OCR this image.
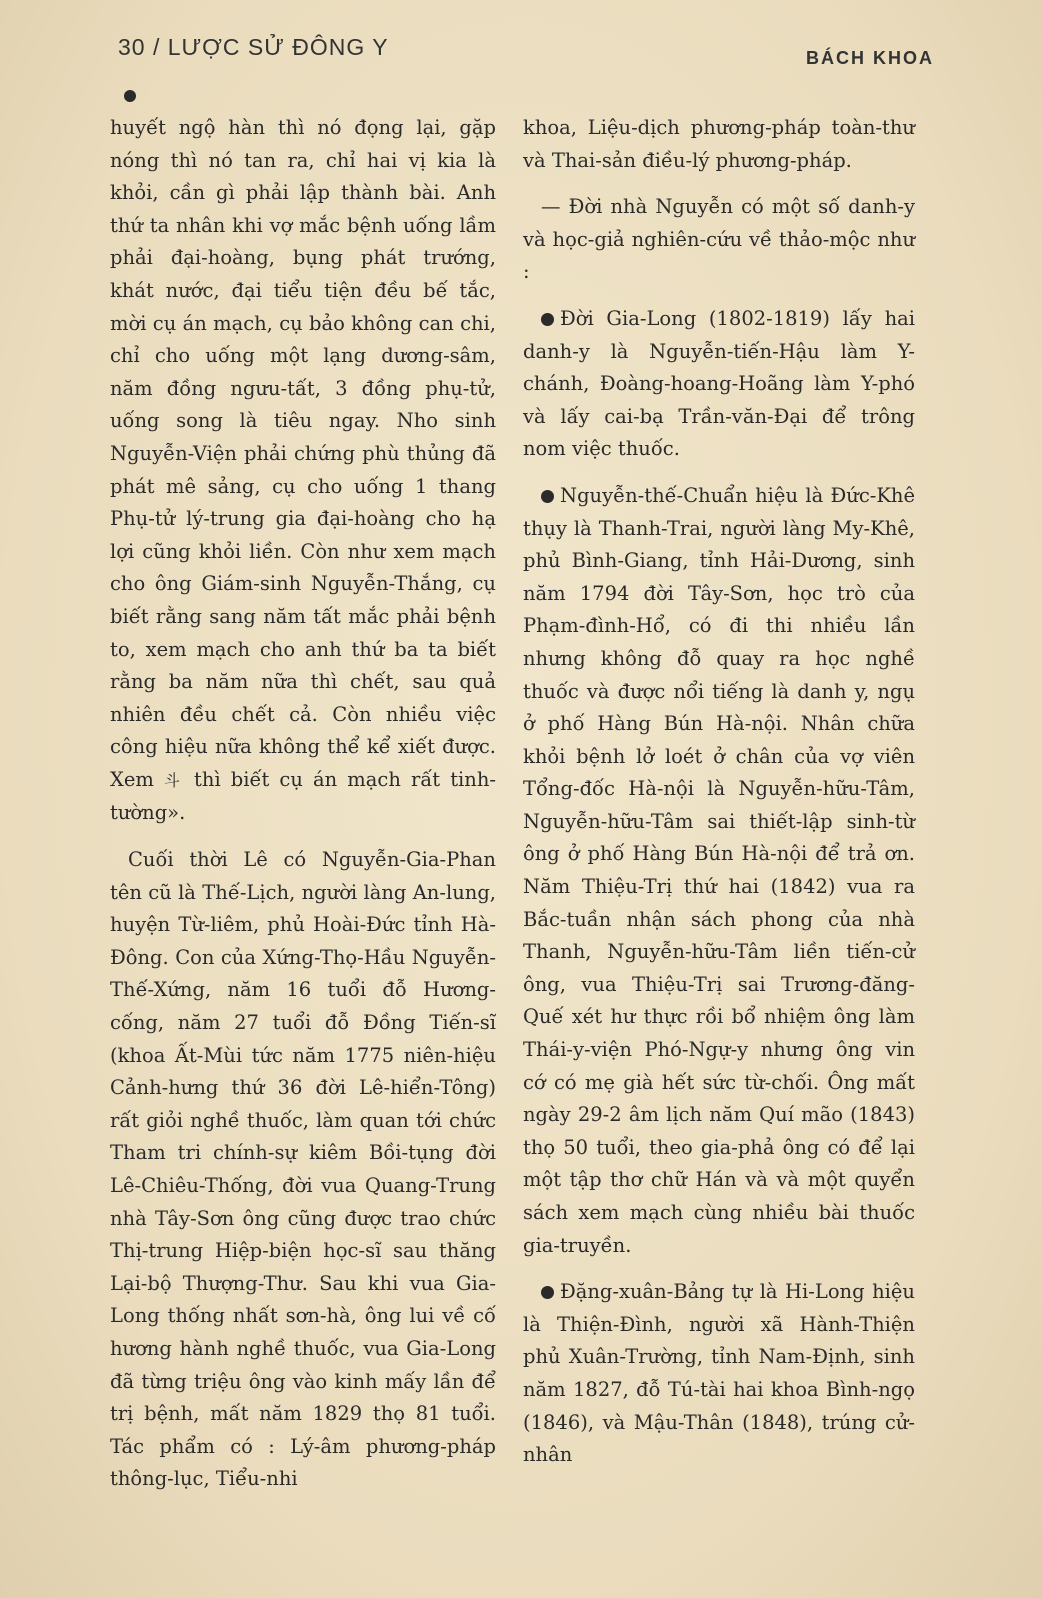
30 / LƯỢC SỬ ĐÔNG Y	BÁCH KHOA

huyết ngộ hàn thì nó đọng lại, gặp nóng thì nó tan ra, chỉ hai vị kia là khỏi, cần gì phải lập thành bài. Anh thứ ta nhân khi vợ mắc bệnh uống lầm phải đại-hoàng, bụng phát trướng, khát nước, đại tiểu tiện đều bế tắc, mời cụ án mạch, cụ bảo không can chi, chỉ cho uống một lạng dương-sâm, năm đồng ngưu-tất, 3 đồng phụ-tử, uống song là tiêu ngay. Nho sinh Nguyễn-Viện phải chứng phù thủng đã phát mê sảng, cụ cho uống 1 thang Phụ-tử lý-trung gia đại-hoàng cho hạ lợi cũng khỏi liền. Còn như xem mạch cho ông Giám-sinh Nguyễn-Thắng, cụ biết rằng sang năm tất mắc phải bệnh to, xem mạch cho anh thứ ba ta biết rằng ba năm nữa thì chết, sau quả nhiên đều chết cả. Còn nhiều việc công hiệu nữa không thể kể xiết được. Xem 斗 thì biết cụ án mạch rất tinh-tường».

Cuối thời Lê có Nguyễn-Gia-Phan tên cũ là Thế-Lịch, người làng An-lung, huyện Từ-liêm, phủ Hoài-Đức tỉnh Hà-Đông. Con của Xứng-Thọ-Hầu Nguyễn-Thế-Xứng, năm 16 tuổi đỗ Hương-cống, năm 27 tuổi đỗ Đồng Tiến-sĩ (khoa Ất-Mùi tức năm 1775 niên-hiệu Cảnh-hưng thứ 36 đời Lê-hiển-Tông) rất giỏi nghề thuốc, làm quan tới chức Tham tri chính-sự kiêm Bồi-tụng đời Lê-Chiêu-Thống, đời vua Quang-Trung nhà Tây-Sơn ông cũng được trao chức Thị-trung Hiệp-biện học-sĩ sau thăng Lại-bộ Thượng-Thư. Sau khi vua Gia-Long thống nhất sơn-hà, ông lui về cố hương hành nghề thuốc, vua Gia-Long đã từng triệu ông vào kinh mấy lần để trị bệnh, mất năm 1829 thọ 81 tuổi. Tác phẩm có : Lý-âm phương-pháp thông-lục, Tiểu-nhi

khoa, Liệu-dịch phương-pháp toàn-thư và Thai-sản điều-lý phương-pháp.

— Đời nhà Nguyễn có một số danh-y và học-giả nghiên-cứu về thảo-mộc như :

Đời Gia-Long (1802-1819) lấy hai danh-y là Nguyễn-tiến-Hậu làm Y-chánh, Đoàng-hoang-Hoãng làm Y-phó và lấy cai-bạ Trần-văn-Đại để trông nom việc thuốc.

Nguyễn-thế-Chuẩn hiệu là Đức-Khê thụy là Thanh-Trai, người làng My-Khê, phủ Bình-Giang, tỉnh Hải-Dương, sinh năm 1794 đời Tây-Sơn, học trò của Phạm-đình-Hổ, có đi thi nhiều lần nhưng không đỗ quay ra học nghề thuốc và được nổi tiếng là danh y, ngụ ở phố Hàng Bún Hà-nội. Nhân chữa khỏi bệnh lở loét ở chân của vợ viên Tổng-đốc Hà-nội là Nguyễn-hữu-Tâm, Nguyễn-hữu-Tâm sai thiết-lập sinh-từ ông ở phố Hàng Bún Hà-nội để trả ơn. Năm Thiệu-Trị thứ hai (1842) vua ra Bắc-tuần nhận sách phong của nhà Thanh, Nguyễn-hữu-Tâm liền tiến-cử ông, vua Thiệu-Trị sai Trương-đăng-Quế xét hư thực rồi bổ nhiệm ông làm Thái-y-viện Phó-Ngự-y nhưng ông vin cớ có mẹ già hết sức từ-chối. Ông mất ngày 29-2 âm lịch năm Quí mão (1843) thọ 50 tuổi, theo gia-phả ông có để lại một tập thơ chữ Hán và và một quyển sách xem mạch cùng nhiều bài thuốc gia-truyền.

Đặng-xuân-Bảng tự là Hi-Long hiệu là Thiện-Đình, người xã Hành-Thiện phủ Xuân-Trường, tỉnh Nam-Định, sinh năm 1827, đỗ Tú-tài hai khoa Bình-ngọ (1846), và Mậu-Thân (1848), trúng cử-nhân
